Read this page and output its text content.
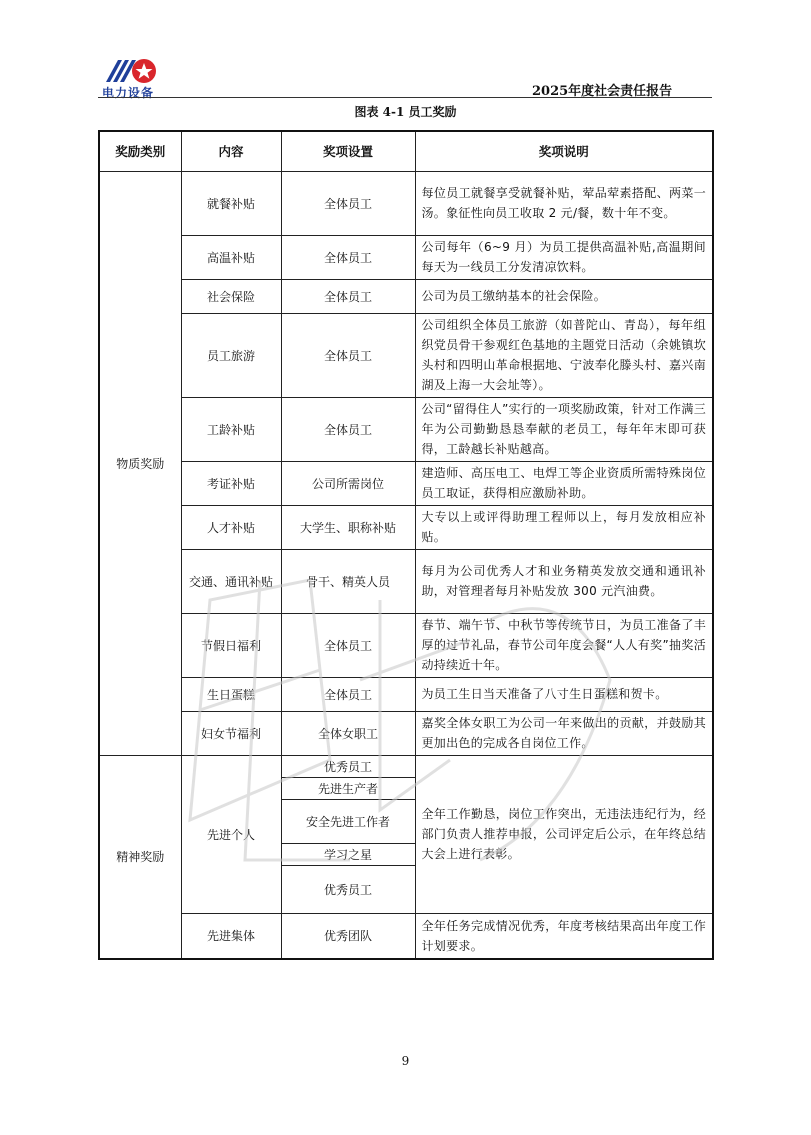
电力设备	2025年度社会责任报告
图表 4-1 员工奖励
奖励类别	内容	奖项设置	奖项说明
物质奖励	就餐补贴	全体员工	每位员工就餐享受就餐补贴，荤品荤素搭配、两菜一汤。象征性向员工收取 2 元/餐，数十年不变。
	高温补贴	全体员工	公司每年（6~9 月）为员工提供高温补贴,高温期间每天为一线员工分发清凉饮料。
	社会保险	全体员工	公司为员工缴纳基本的社会保险。
	员工旅游	全体员工	公司组织全体员工旅游（如普陀山、青岛），每年组织党员骨干参观红色基地的主题党日活动（余姚镇坎头村和四明山革命根据地、宁波奉化滕头村、嘉兴南湖及上海一大会址等）。
	工龄补贴	全体员工	公司“留得住人”实行的一项奖励政策，针对工作满三年为公司勤勤恳恳奉献的老员工，每年年末即可获得，工龄越长补贴越高。
	考证补贴	公司所需岗位	建造师、高压电工、电焊工等企业资质所需特殊岗位员工取证，获得相应激励补助。
	人才补贴	大学生、职称补贴	大专以上或评得助理工程师以上，每月发放相应补贴。
	交通、通讯补贴	骨干、精英人员	每月为公司优秀人才和业务精英发放交通和通讯补助，对管理者每月补贴发放 300 元汽油费。
	节假日福利	全体员工	春节、端午节、中秋节等传统节日，为员工准备了丰厚的过节礼品，春节公司年度会餐“人人有奖”抽奖活动持续近十年。
	生日蛋糕	全体员工	为员工生日当天准备了八寸生日蛋糕和贺卡。
	妇女节福利	全体女职工	嘉奖全体女职工为公司一年来做出的贡献，并鼓励其更加出色的完成各自岗位工作。
精神奖励	先进个人	优秀员工	全年工作勤恳，岗位工作突出，无违法违纪行为，经部门负责人推荐申报，公司评定后公示，在年终总结大会上进行表彰。
		先进生产者	
		安全先进工作者	
		学习之星	
		优秀员工	
	先进集体	优秀团队	全年任务完成情况优秀，年度考核结果高出年度工作计划要求。
9
